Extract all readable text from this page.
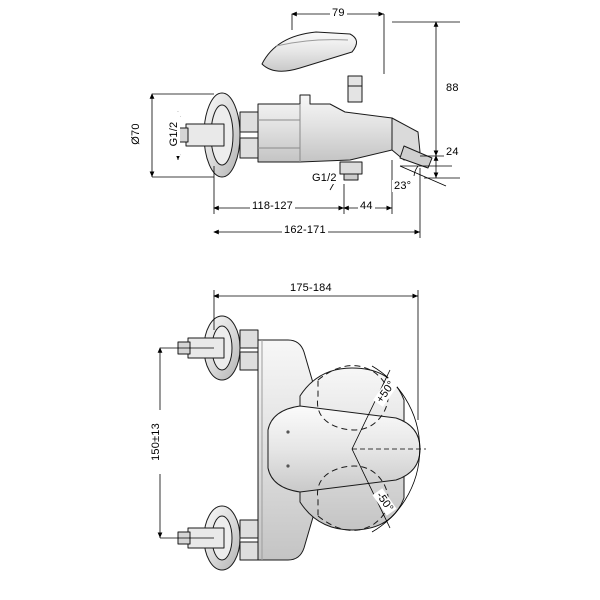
79
88
24
Ø70 G1/2
G1/2
23°
118-127	44
162-171
175-184
150±13
+50°
-50°
